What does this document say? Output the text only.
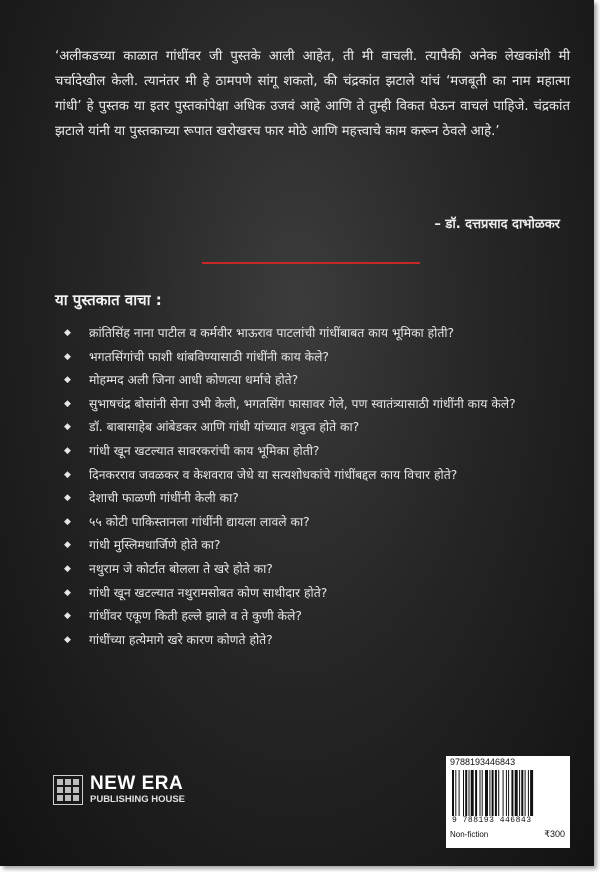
‘अलीकडच्या काळात गांधींवर जी पुस्तके आली आहेत, ती मी वाचली. त्यापैकी अनेक लेखकांशी मी चर्चादेखील केली. त्यानंतर मी हे ठामपणे सांगू शकतो, की चंद्रकांत झटाले यांचं ‘मजबूती का नाम महात्मा गांधी’ हे पुस्तक या इतर पुस्तकांपेक्षा अधिक उजवं आहे आणि ते तुम्ही विकत घेऊन वाचलं पाहिजे. चंद्रकांत झटाले यांनी या पुस्तकाच्या रूपात खरोखरच फार मोठे आणि महत्त्वाचे काम करून ठेवले आहे.’
– डॉ. दत्तप्रसाद दाभोळकर
या पुस्तकात वाचा :
◆ क्रांतिसिंह नाना पाटील व कर्मवीर भाऊराव पाटलांची गांधींबाबत काय भूमिका होती?
◆ भगतसिंगांची फाशी थांबविण्यासाठी गांधींनी काय केले?
◆ मोहम्मद अली जिना आधी कोणत्या धर्माचे होते?
◆ सुभाषचंद्र बोसांनी सेना उभी केली, भगतसिंग फासावर गेले, पण स्वातंत्र्यासाठी गांधींनी काय केले?
◆ डॉ. बाबासाहेब आंबेडकर आणि गांधी यांच्यात शत्रुत्व होते का?
◆ गांधी खून खटल्यात सावरकरांची काय भूमिका होती?
◆ दिनकरराव जवळकर व केशवराव जेधे या सत्यशोधकांचे गांधींबद्दल काय विचार होते?
◆ देशाची फाळणी गांधींनी केली का?
◆ ५५ कोटी पाकिस्तानला गांधींनी द्यायला लावले का?
◆ गांधी मुस्लिमधार्जिणे होते का?
◆ नथुराम जे कोर्टात बोलला ते खरे होते का?
◆ गांधी खून खटल्यात नथुरामसोबत कोण साथीदार होते?
◆ गांधींवर एकूण किती हल्ले झाले व ते कुणी केले?
◆ गांधींच्या हत्येमागे खरे कारण कोणते होते?
NEW ERA
PUBLISHING HOUSE
9788193446843
9 788193 446843
Non-fiction	₹300
